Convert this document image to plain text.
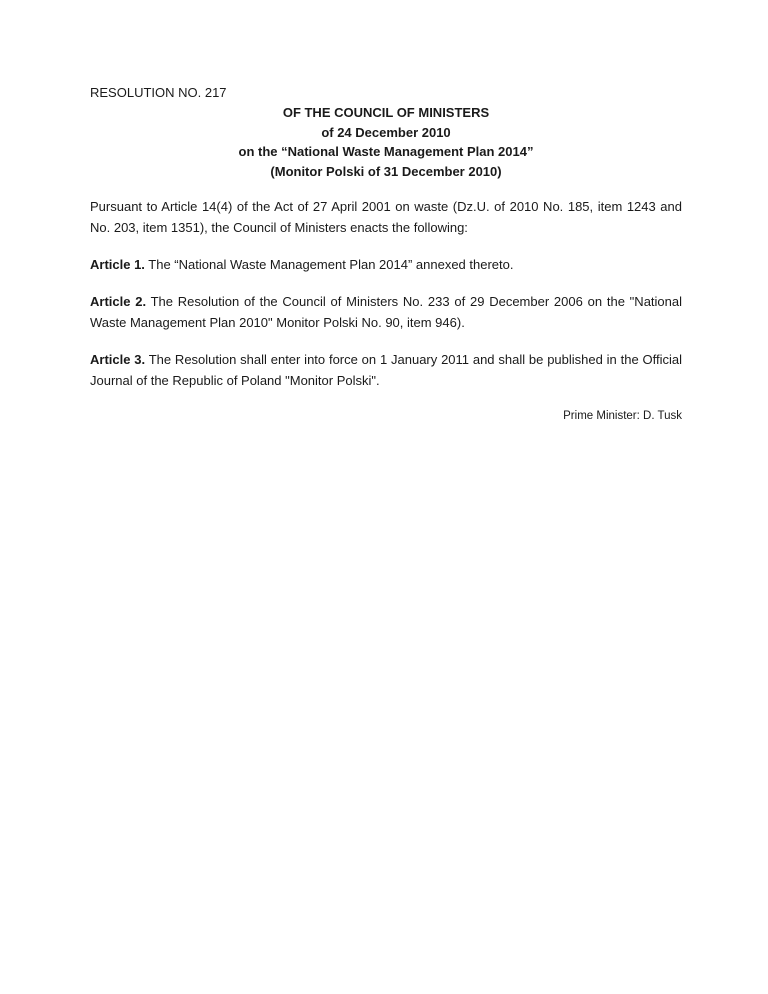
RESOLUTION NO. 217
OF THE COUNCIL OF MINISTERS
of 24 December 2010
on the “National Waste Management Plan 2014”
(Monitor Polski of 31 December 2010)
Pursuant to Article 14(4) of the Act of 27 April 2001 on waste (Dz.U. of 2010 No. 185, item 1243 and No. 203, item 1351), the Council of Ministers enacts the following:
Article 1. The “National Waste Management Plan 2014” annexed thereto.
Article 2. The Resolution of the Council of Ministers No. 233 of 29 December 2006 on the "National Waste Management Plan 2010" Monitor Polski No. 90, item 946).
Article 3. The Resolution shall enter into force on 1 January 2011 and shall be published in the Official Journal of the Republic of Poland "Monitor Polski".
Prime Minister: D. Tusk
